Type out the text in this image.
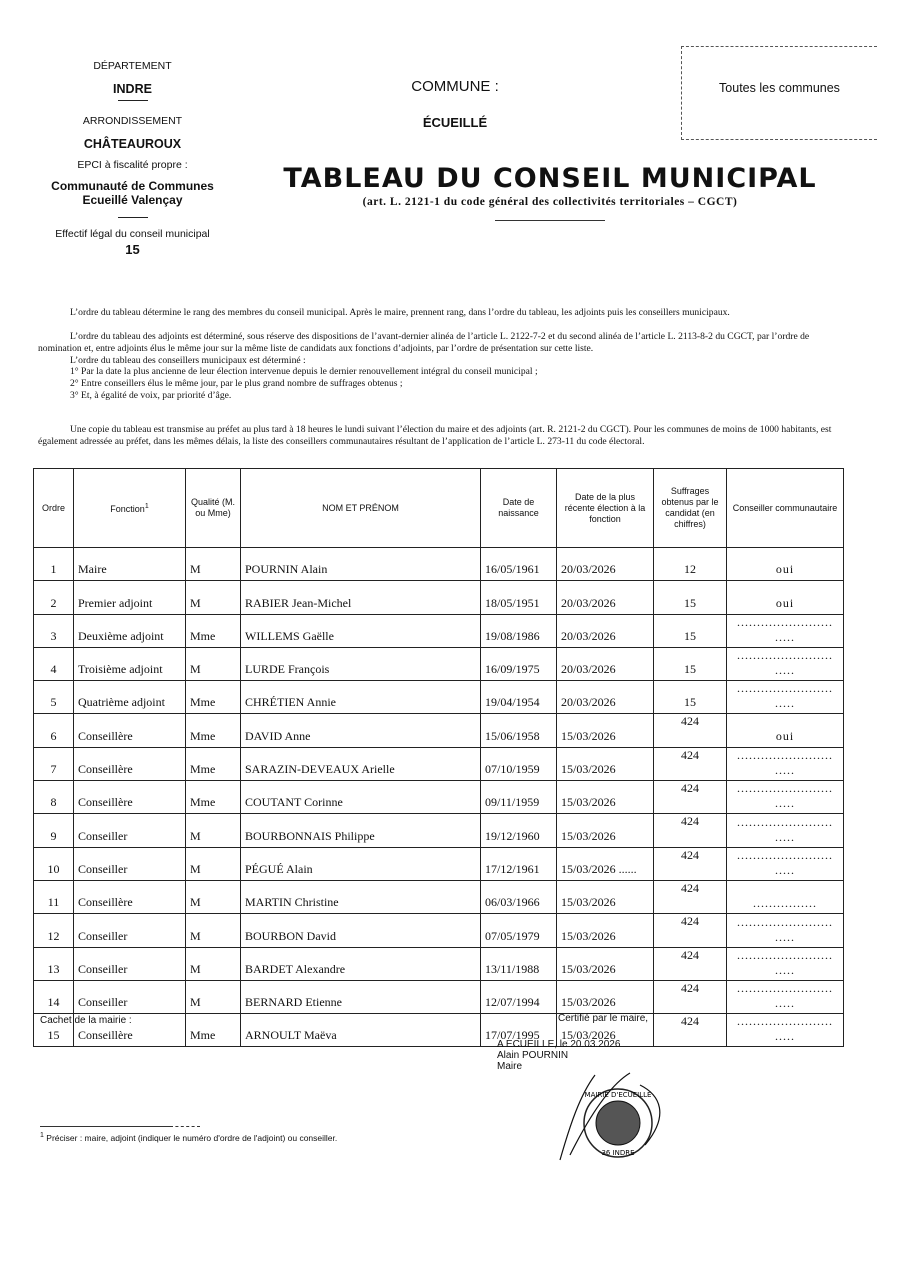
DÉPARTEMENT
INDRE
ARRONDISSEMENT
CHÂTEAUROUX
EPCI à fiscalité propre :
Communauté de Communes
Ecueillé Valençay
Effectif légal du conseil municipal
15
COMMUNE :
ÉCUEILLÉ
Toutes les communes
TABLEAU DU CONSEIL MUNICIPAL
(art. L. 2121-1 du code général des collectivités territoriales – CGCT)

L’ordre du tableau détermine le rang des membres du conseil municipal. Après le maire, prennent rang, dans l’ordre du tableau, les adjoints puis les conseillers municipaux.

L’ordre du tableau des adjoints est déterminé, sous réserve des dispositions de l’avant-dernier alinéa de l’article L. 2122-7-2 et du second alinéa de l’article L. 2113-8-2 du CGCT, par l’ordre de nomination et, entre adjoints élus le même jour sur la même liste de candidats aux fonctions d’adjoints, par l’ordre de présentation sur cette liste.

L’ordre du tableau des conseillers municipaux est déterminé :

1° Par la date la plus ancienne de leur élection intervenue depuis le dernier renouvellement intégral du conseil municipal ;

2° Entre conseillers élus le même jour, par le plus grand nombre de suffrages obtenus ;

3° Et, à égalité de voix, par priorité d’âge.

Une copie du tableau est transmise au préfet au plus tard à 18 heures le lundi suivant l’élection du maire et des adjoints (art. R. 2121-2 du CGCT). Pour les communes de moins de 1000 habitants, est également adressée au préfet, dans les mêmes délais, la liste des conseillers communautaires résultant de l’application de l’article L. 273-11 du code électoral.

Ordre	Fonction$^1$	Qualité (M. ou Mme)	NOM ET PRÉNOM	Date de naissance	Date de la plus récente élection à la fonction	Suffrages obtenus par le candidat (en chiffres)	Conseiller communautaire
1	Maire	M	POURNIN Alain	16/05/1961	20/03/2026	12	oui
2	Premier adjoint	M	RABIER Jean-Michel	18/05/1951	20/03/2026	15	oui
3	Deuxième adjoint	Mme	WILLEMS Gaëlle	19/08/1986	20/03/2026	15	........................ .....
4	Troisième adjoint	M	LURDE François	16/09/1975	20/03/2026	15	........................ .....
5	Quatrième adjoint	Mme	CHRÉTIEN Annie	19/04/1954	20/03/2026	15	........................ .....
6	Conseillère	Mme	DAVID Anne	15/06/1958	15/03/2026	424	oui
7	Conseillère	Mme	SARAZIN-DEVEAUX Arielle	07/10/1959	15/03/2026	424	........................ .....
8	Conseillère	Mme	COUTANT Corinne	09/11/1959	15/03/2026	424	........................ .....
9	Conseiller	M	BOURBONNAIS Philippe	19/12/1960	15/03/2026	424	........................ .....
10	Conseiller	M	PÉGUÉ Alain	17/12/1961	15/03/2026 ......	424	........................ .....
11	Conseillère	M	MARTIN Christine	06/03/1966	15/03/2026	424	................
12	Conseiller	M	BOURBON David	07/05/1979	15/03/2026	424	........................ .....
13	Conseiller	M	BARDET Alexandre	13/11/1988	15/03/2026	424	........................ .....
14	Conseiller	M	BERNARD Etienne	12/07/1994	15/03/2026	424	........................ .....
15	Conseillère	Mme	ARNOULT Maëva	17/07/1995	15/03/2026	424	........................ .....
Cachet de la mairie :	Certifié par le maire,
A ECUEILLE, le 20.03.2026
Alain POURNIN
Maire
MAIRIE D'ECUEILLE
36 INDRE
$^1$ Préciser : maire, adjoint (indiquer le numéro d'ordre de l'adjoint) ou conseiller.
